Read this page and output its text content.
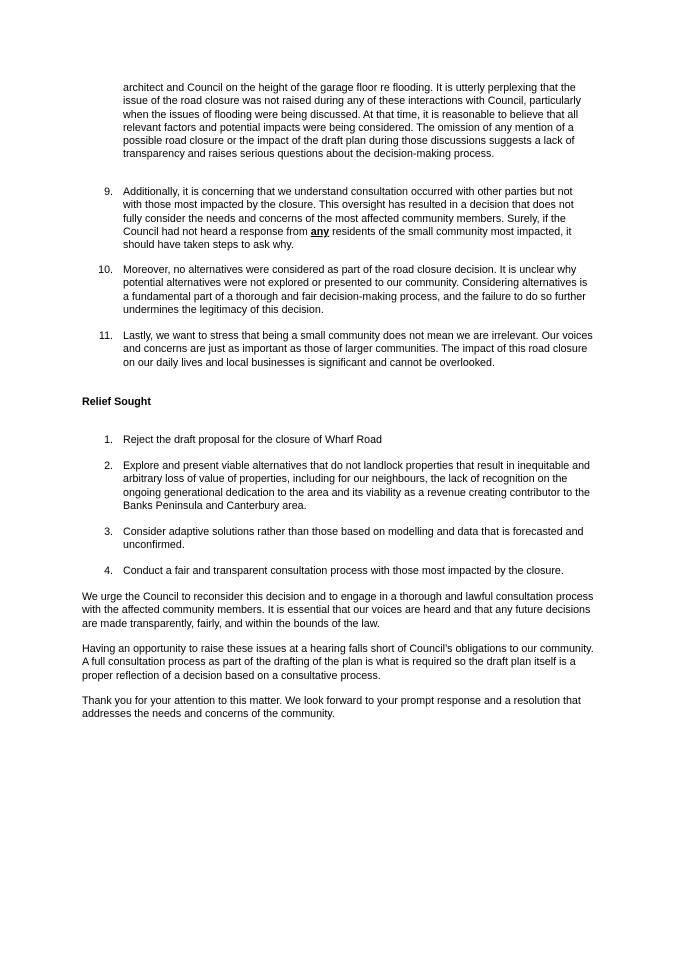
architect and Council on the height of the garage floor re flooding. It is utterly perplexing that the issue of the road closure was not raised during any of these interactions with Council, particularly when the issues of flooding were being discussed. At that time, it is reasonable to believe that all relevant factors and potential impacts were being considered. The omission of any mention of a possible road closure or the impact of the draft plan during those discussions suggests a lack of transparency and raises serious questions about the decision-making process.
9. Additionally, it is concerning that we understand consultation occurred with other parties but not with those most impacted by the closure. This oversight has resulted in a decision that does not fully consider the needs and concerns of the most affected community members. Surely, if the Council had not heard a response from any residents of the small community most impacted, it should have taken steps to ask why.
10. Moreover, no alternatives were considered as part of the road closure decision. It is unclear why potential alternatives were not explored or presented to our community. Considering alternatives is a fundamental part of a thorough and fair decision-making process, and the failure to do so further undermines the legitimacy of this decision.
11. Lastly, we want to stress that being a small community does not mean we are irrelevant. Our voices and concerns are just as important as those of larger communities. The impact of this road closure on our daily lives and local businesses is significant and cannot be overlooked.
Relief Sought
1. Reject the draft proposal for the closure of Wharf Road
2. Explore and present viable alternatives that do not landlock properties that result in inequitable and arbitrary loss of value of properties, including for our neighbours, the lack of recognition on the ongoing generational dedication to the area and its viability as a revenue creating contributor to the Banks Peninsula and Canterbury area.
3. Consider adaptive solutions rather than those based on modelling and data that is forecasted and unconfirmed.
4. Conduct a fair and transparent consultation process with those most impacted by the closure.
We urge the Council to reconsider this decision and to engage in a thorough and lawful consultation process with the affected community members. It is essential that our voices are heard and that any future decisions are made transparently, fairly, and within the bounds of the law.
Having an opportunity to raise these issues at a hearing falls short of Council’s obligations to our community. A full consultation process as part of the drafting of the plan is what is required so the draft plan itself is a proper reflection of a decision based on a consultative process.
Thank you for your attention to this matter. We look forward to your prompt response and a resolution that addresses the needs and concerns of the community.
